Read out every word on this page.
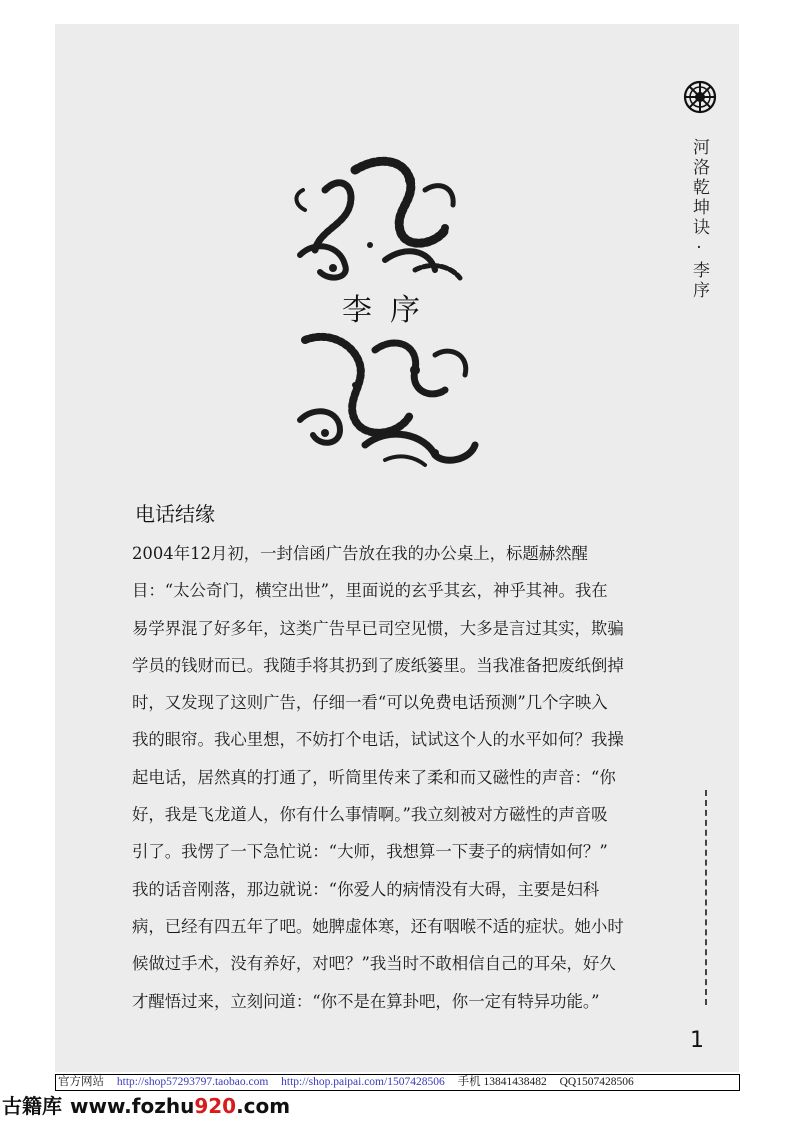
河洛乾坤诀·李序
李序
电话结缘

2004年12月初，一封信函广告放在我的办公桌上，标题赫然醒
目：“太公奇门，横空出世”，里面说的玄乎其玄，神乎其神。我在
易学界混了好多年，这类广告早已司空见惯，大多是言过其实，欺骗
学员的钱财而已。我随手将其扔到了废纸篓里。当我准备把废纸倒掉
时，又发现了这则广告，仔细一看“可以免费电话预测”几个字映入
我的眼帘。我心里想，不妨打个电话，试试这个人的水平如何？我操
起电话，居然真的打通了，听筒里传来了柔和而又磁性的声音：“你
好，我是飞龙道人，你有什么事情啊。”我立刻被对方磁性的声音吸
引了。我愣了一下急忙说：“大师，我想算一下妻子的病情如何？”
我的话音刚落，那边就说：“你爱人的病情没有大碍，主要是妇科
病，已经有四五年了吧。她脾虚体寒，还有咽喉不适的症状。她小时
候做过手术，没有养好，对吧？”我当时不敢相信自己的耳朵，好久
才醒悟过来，立刻问道：“你不是在算卦吧，你一定有特异功能。”

1
官方网站 http://shop57293797.taobao.com http://shop.paipai.com/1507428506 手机 13841438482 QQ1507428506
古籍库 www.fozhu920.com
